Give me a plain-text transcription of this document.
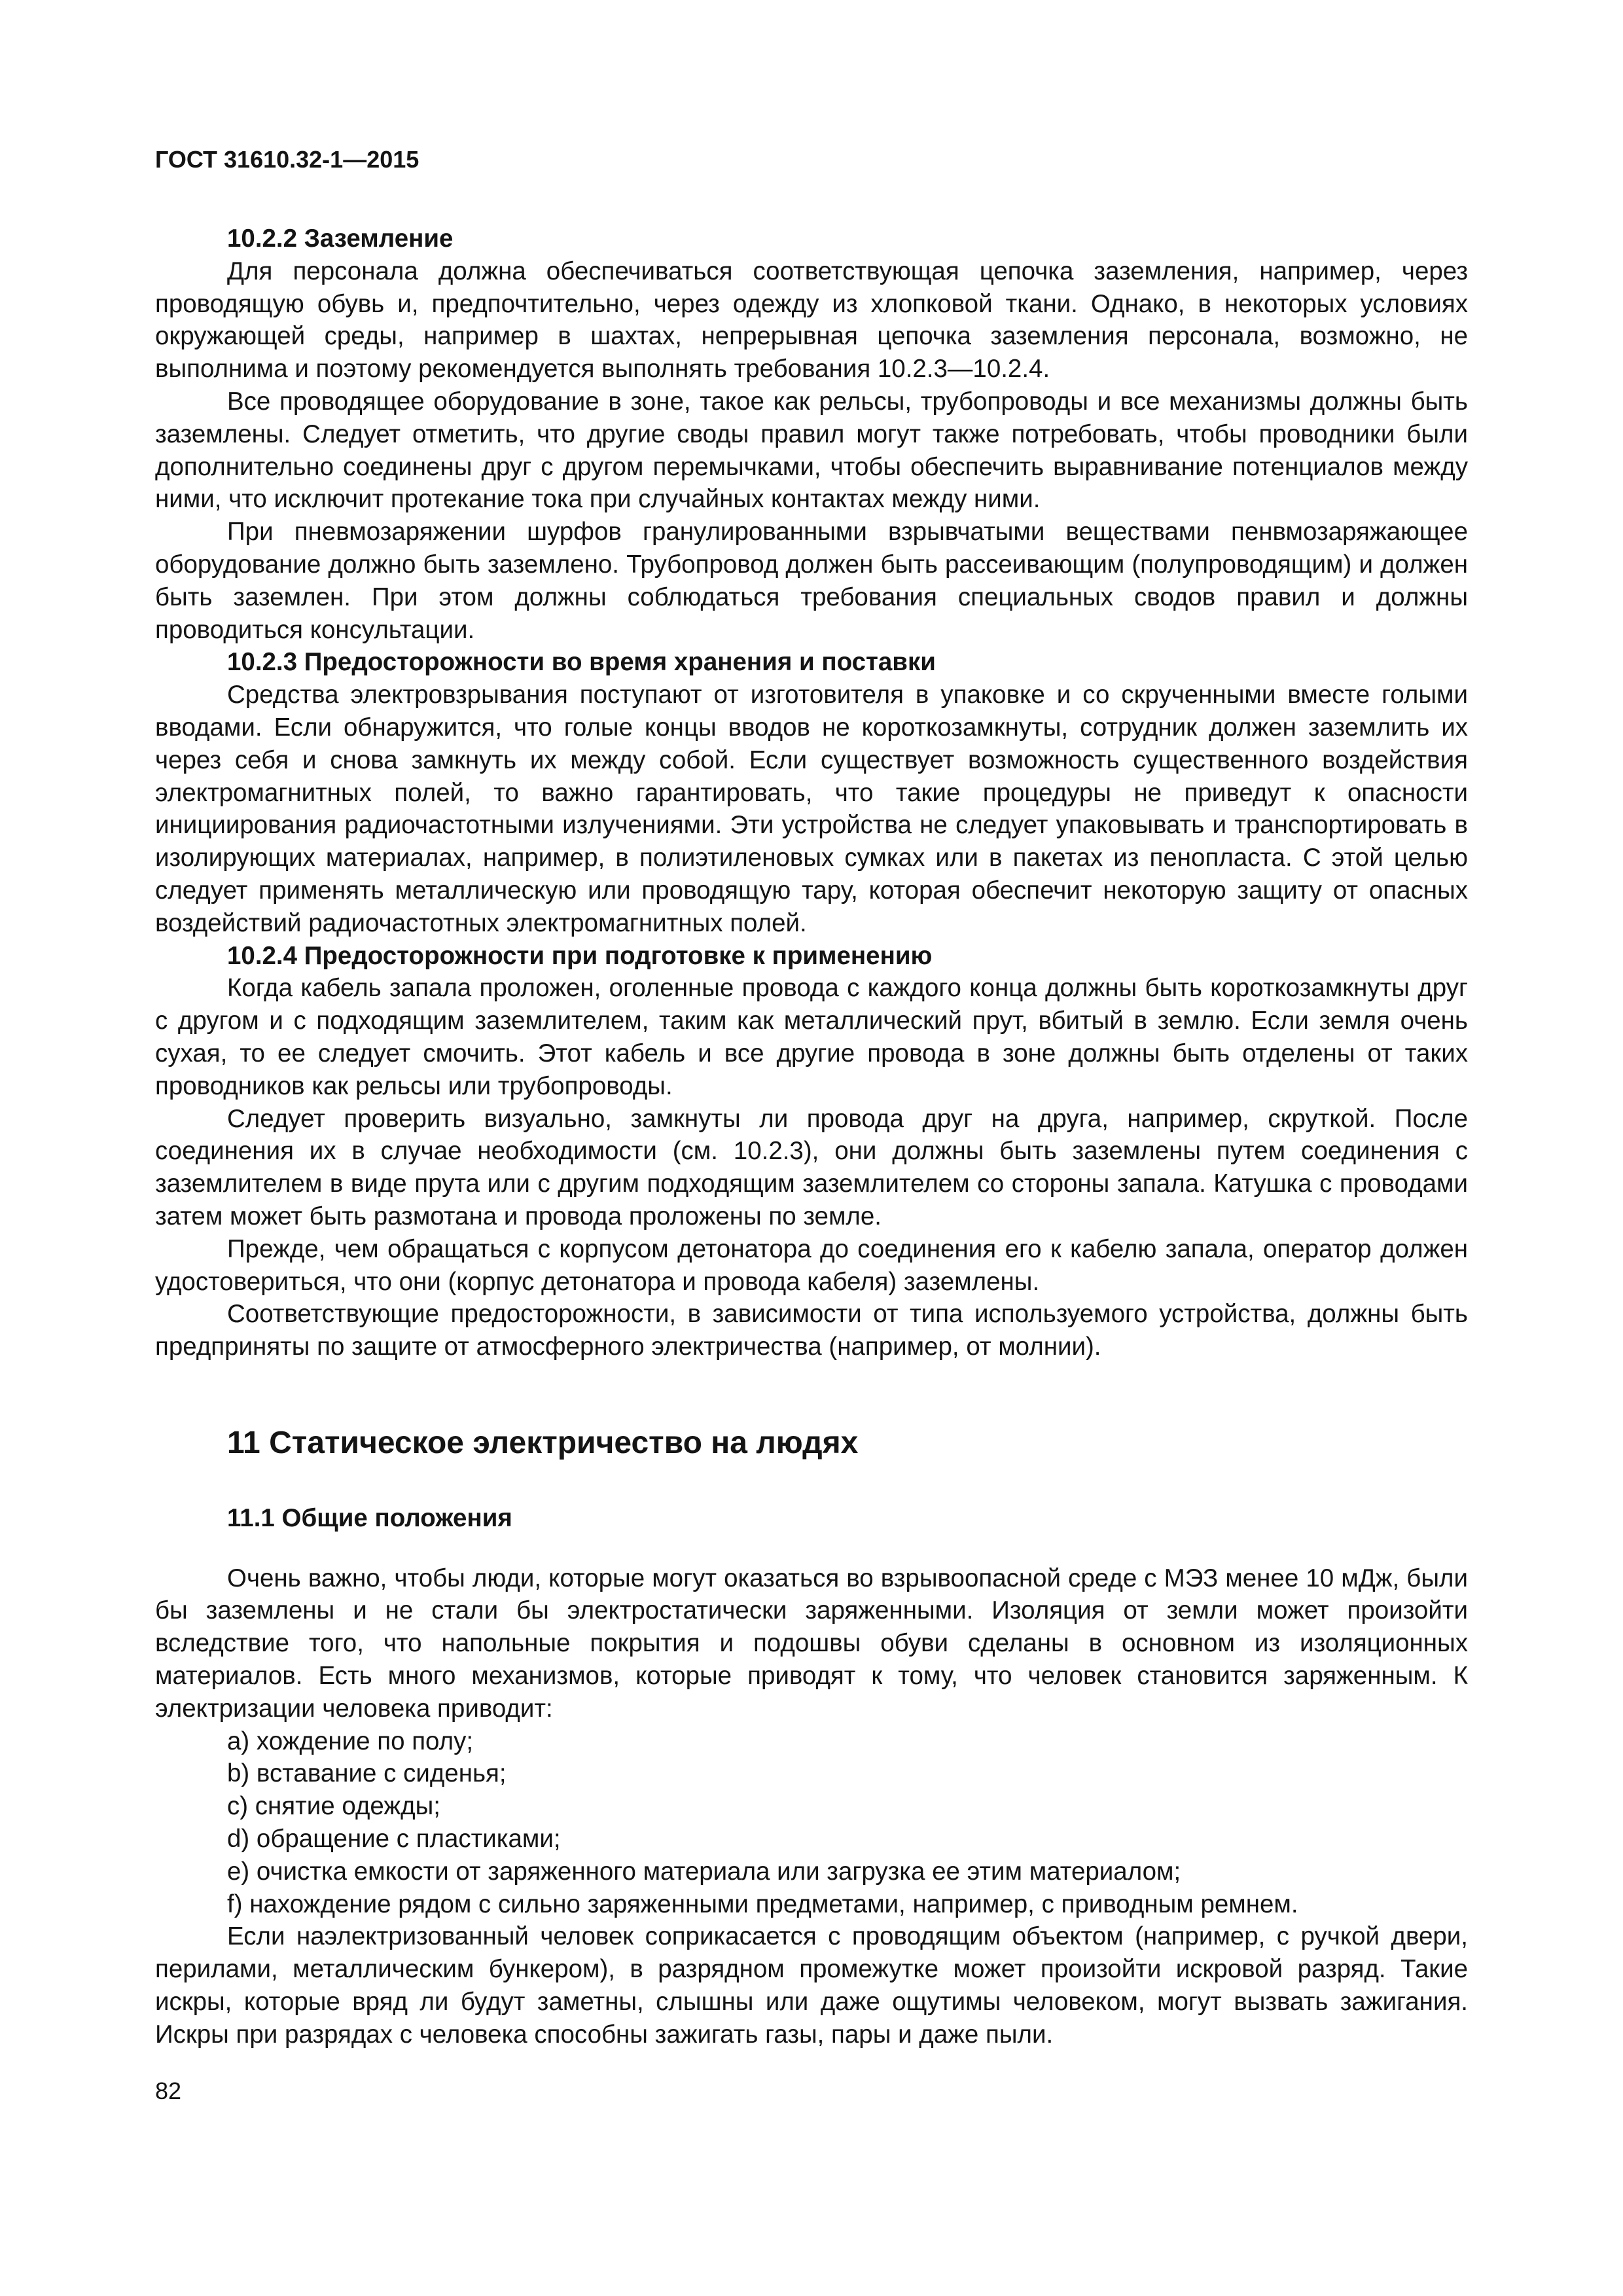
ГОСТ 31610.32-1—2015

10.2.2 Заземление

Для персонала должна обеспечиваться соответствующая цепочка заземления, например, через проводящую обувь и, предпочтительно, через одежду из хлопковой ткани. Однако, в некоторых условиях окружающей среды, например в шахтах, непрерывная цепочка заземления персонала, возможно, не выполнима и поэтому рекомендуется выполнять требования 10.2.3—10.2.4.

Все проводящее оборудование в зоне, такое как рельсы, трубопроводы и все механизмы должны быть заземлены. Следует отметить, что другие своды правил могут также потребовать, чтобы проводники были дополнительно соединены друг с другом перемычками, чтобы обеспечить выравнивание потенциалов между ними, что исключит протекание тока при случайных контактах между ними.

При пневмозаряжении шурфов гранулированными взрывчатыми веществами пенвмозаряжающее оборудование должно быть заземлено. Трубопровод должен быть рассеивающим (полупроводящим) и должен быть заземлен. При этом должны соблюдаться требования специальных сводов правил и должны проводиться консультации.

10.2.3 Предосторожности во время хранения и поставки

Средства электровзрывания поступают от изготовителя в упаковке и со скрученными вместе голыми вводами. Если обнаружится, что голые концы вводов не короткозамкнуты, сотрудник должен заземлить их через себя и снова замкнуть их между собой. Если существует возможность существенного воздействия электромагнитных полей, то важно гарантировать, что такие процедуры не приведут к опасности инициирования радиочастотными излучениями. Эти устройства не следует упаковывать и транспортировать в изолирующих материалах, например, в полиэтиленовых сумках или в пакетах из пенопласта. С этой целью следует применять металлическую или проводящую тару, которая обеспечит некоторую защиту от опасных воздействий радиочастотных электромагнитных полей.

10.2.4 Предосторожности при подготовке к применению

Когда кабель запала проложен, оголенные провода с каждого конца должны быть короткозамкнуты друг с другом и с подходящим заземлителем, таким как металлический прут, вбитый в землю. Если земля очень сухая, то ее следует смочить. Этот кабель и все другие провода в зоне должны быть отделены от таких проводников как рельсы или трубопроводы.

Следует проверить визуально, замкнуты ли провода друг на друга, например, скруткой. После соединения их в случае необходимости (см. 10.2.3), они должны быть заземлены путем соединения с заземлителем в виде прута или с другим подходящим заземлителем со стороны запала. Катушка с проводами затем может быть размотана и провода проложены по земле.

Прежде, чем обращаться с корпусом детонатора до соединения его к кабелю запала, оператор должен удостовериться, что они (корпус детонатора и провода кабеля) заземлены.

Соответствующие предосторожности, в зависимости от типа используемого устройства, должны быть предприняты по защите от атмосферного электричества (например, от молнии).

11 Статическое электричество на людях
11.1 Общие положения

Очень важно, чтобы люди, которые могут оказаться во взрывоопасной среде с МЭЗ менее 10 мДж, были бы заземлены и не стали бы электростатически заряженными. Изоляция от земли может произойти вследствие того, что напольные покрытия и подошвы обуви сделаны в основном из изоляционных материалов. Есть много механизмов, которые приводят к тому, что человек становится заряженным. К электризации человека приводит:

a) хождение по полу;
b) вставание с сиденья;
c) снятие одежды;
d) обращение с пластиками;
e) очистка емкости от заряженного материала или загрузка ее этим материалом;
f) нахождение рядом с сильно заряженными предметами, например, с приводным ремнем.

Если наэлектризованный человек соприкасается с проводящим объектом (например, с ручкой двери, перилами, металлическим бункером), в разрядном промежутке может произойти искровой разряд. Такие искры, которые вряд ли будут заметны, слышны или даже ощутимы человеком, могут вызвать зажигания. Искры при разрядах с человека способны зажигать газы, пары и даже пыли.

82
